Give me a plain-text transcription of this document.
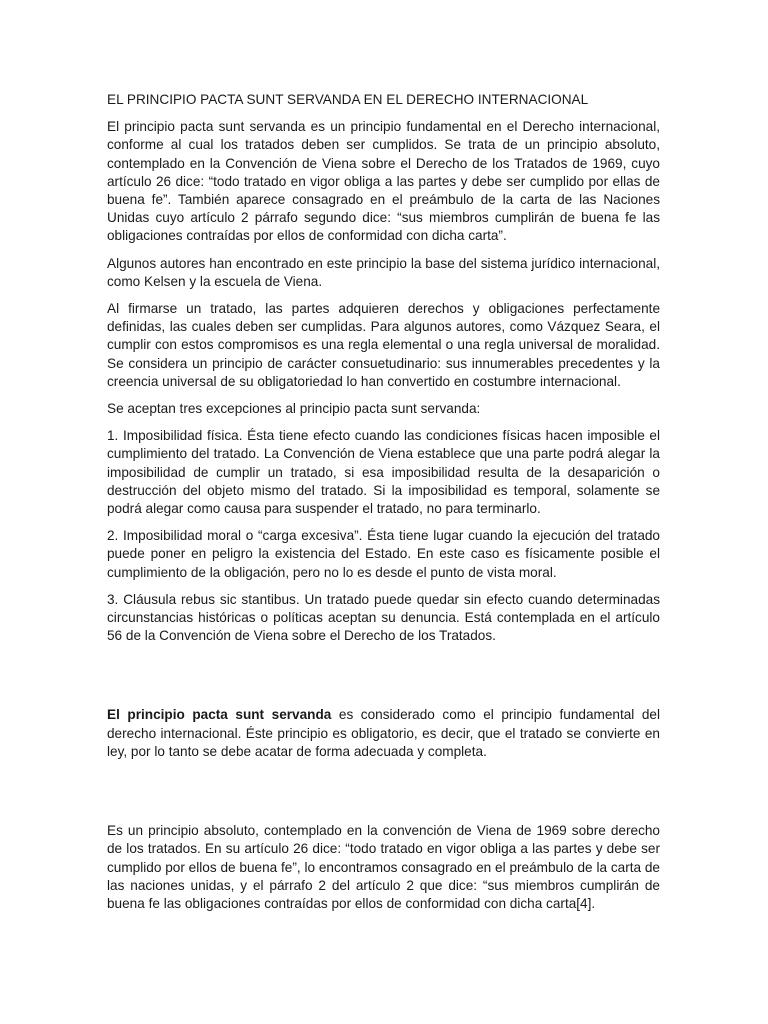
EL PRINCIPIO PACTA SUNT SERVANDA EN EL DERECHO INTERNACIONAL

El principio pacta sunt servanda es un principio fundamental en el Derecho internacional, conforme al cual los tratados deben ser cumplidos. Se trata de un principio absoluto, contemplado en la Convención de Viena sobre el Derecho de los Tratados de 1969, cuyo artículo 26 dice: “todo tratado en vigor obliga a las partes y debe ser cumplido por ellas de buena fe”. También aparece consagrado en el preámbulo de la carta de las Naciones Unidas cuyo artículo 2 párrafo segundo dice: “sus miembros cumplirán de buena fe las obligaciones contraídas por ellos de conformidad con dicha carta”.

Algunos autores han encontrado en este principio la base del sistema jurídico internacional, como Kelsen y la escuela de Viena.

Al firmarse un tratado, las partes adquieren derechos y obligaciones perfectamente definidas, las cuales deben ser cumplidas. Para algunos autores, como Vázquez Seara, el cumplir con estos compromisos es una regla elemental o una regla universal de moralidad. Se considera un principio de carácter consuetudinario: sus innumerables precedentes y la creencia universal de su obligatoriedad lo han convertido en costumbre internacional.

Se aceptan tres excepciones al principio pacta sunt servanda:

1. Imposibilidad física. Ésta tiene efecto cuando las condiciones físicas hacen imposible el cumplimiento del tratado. La Convención de Viena establece que una parte podrá alegar la imposibilidad de cumplir un tratado, si esa imposibilidad resulta de la desaparición o destrucción del objeto mismo del tratado. Si la imposibilidad es temporal, solamente se podrá alegar como causa para suspender el tratado, no para terminarlo.

2. Imposibilidad moral o “carga excesiva”. Ésta tiene lugar cuando la ejecución del tratado puede poner en peligro la existencia del Estado. En este caso es físicamente posible el cumplimiento de la obligación, pero no lo es desde el punto de vista moral.

3. Cláusula rebus sic stantibus. Un tratado puede quedar sin efecto cuando determinadas circunstancias históricas o políticas aceptan su denuncia. Está contemplada en el artículo 56 de la Convención de Viena sobre el Derecho de los Tratados.

El principio pacta sunt servanda es considerado como el principio fundamental del derecho internacional. Éste principio es obligatorio, es decir, que el tratado se convierte en ley, por lo tanto se debe acatar de forma adecuada y completa.

Es un principio absoluto, contemplado en la convención de Viena de 1969 sobre derecho de los tratados. En su artículo 26 dice: “todo tratado en vigor obliga a las partes y debe ser cumplido por ellos de buena fe”, lo encontramos consagrado en el preámbulo de la carta de las naciones unidas, y el párrafo 2 del artículo 2 que dice: “sus miembros cumplirán de buena fe las obligaciones contraídas por ellos de conformidad con dicha carta[4].
